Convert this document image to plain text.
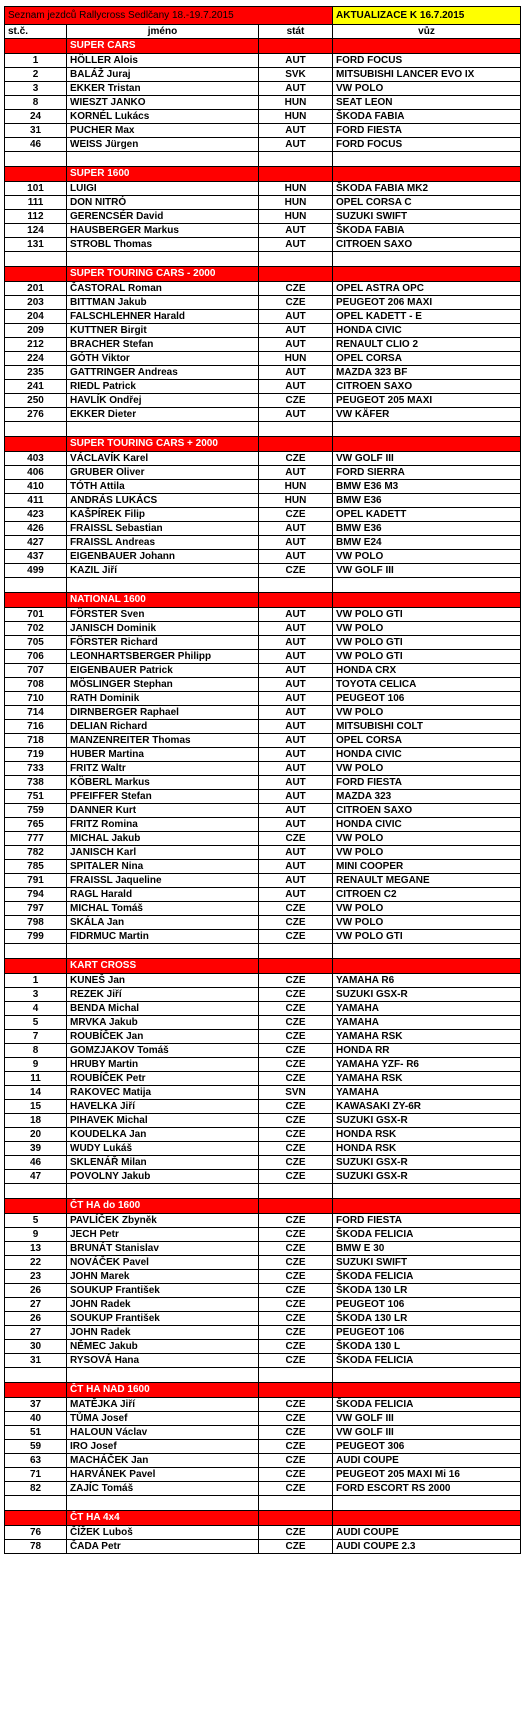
Seznam jezdců Rallycross Sedlčany 18.-19.7.2015			AKTUALIZACE K 16.7.2015
st.č.	jméno	stát	vůz
	SUPER CARS		
1	HÖLLER Alois	AUT	FORD FOCUS
2	BALÁŽ Juraj	SVK	MITSUBISHI LANCER EVO IX
3	EKKER Tristan	AUT	VW POLO
8	WIESZT JANKO	HUN	SEAT LEON
24	KORNÉL Lukács	HUN	ŠKODA FABIA
31	PUCHER Max	AUT	FORD FIESTA
46	WEISS Jürgen	AUT	FORD FOCUS

	SUPER 1600		
101	LUIGI	HUN	ŠKODA FABIA MK2
111	DON NITRÓ	HUN	OPEL CORSA C
112	GERENCSÉR David	HUN	SUZUKI SWIFT
124	HAUSBERGER Markus	AUT	ŠKODA FABIA
131	STROBL Thomas	AUT	CITROEN SAXO

	SUPER TOURING CARS - 2000		
201	ČASTORAL Roman	CZE	OPEL ASTRA OPC
203	BITTMAN Jakub	CZE	PEUGEOT 206 MAXI
204	FALSCHLEHNER Harald	AUT	OPEL KADETT - E
209	KUTTNER Birgit	AUT	HONDA CIVIC
212	BRACHER Stefan	AUT	RENAULT CLIO 2
224	GÓTH Viktor	HUN	OPEL CORSA
235	GATTRINGER Andreas	AUT	MAZDA 323 BF
241	RIEDL Patrick	AUT	CITROEN SAXO
250	HAVLÍK Ondřej	CZE	PEUGEOT 205 MAXI
276	EKKER Dieter	AUT	VW KÄFER

	SUPER TOURING CARS + 2000		
403	VÁCLAVÍK Karel	CZE	VW GOLF III
406	GRUBER Oliver	AUT	FORD SIERRA
410	TÓTH Attila	HUN	BMW E36 M3
411	ANDRÁS LUKÁCS	HUN	BMW E36
423	KAŠPÍREK Filip	CZE	OPEL KADETT
426	FRAISSL Sebastian	AUT	BMW E36
427	FRAISSL Andreas	AUT	BMW E24
437	EIGENBAUER Johann	AUT	VW POLO
499	KAZIL Jiří	CZE	VW GOLF III

	NATIONAL 1600		
701	FÖRSTER Sven	AUT	VW POLO GTI
702	JANISCH Dominik	AUT	VW POLO
705	FÖRSTER Richard	AUT	VW POLO GTI
706	LEONHARTSBERGER Philipp	AUT	VW POLO GTI
707	EIGENBAUER Patrick	AUT	HONDA CRX
708	MÖSLINGER Stephan	AUT	TOYOTA CELICA
710	RATH Dominik	AUT	PEUGEOT 106
714	DIRNBERGER Raphael	AUT	VW POLO
716	DELIAN Richard	AUT	MITSUBISHI COLT
718	MANZENREITER Thomas	AUT	OPEL CORSA
719	HUBER Martina	AUT	HONDA CIVIC
733	FRITZ Waltr	AUT	VW POLO
738	KÖBERL Markus	AUT	FORD FIESTA
751	PFEIFFER Stefan	AUT	MAZDA 323
759	DANNER Kurt	AUT	CITROEN SAXO
765	FRITZ Romina	AUT	HONDA CIVIC
777	MICHAL Jakub	CZE	VW POLO
782	JANISCH Karl	AUT	VW POLO
785	SPITALER Nina	AUT	MINI COOPER
791	FRAISSL Jaqueline	AUT	RENAULT MEGANE
794	RAGL Harald	AUT	CITROEN C2
797	MICHAL Tomáš	CZE	VW POLO
798	SKÁLA Jan	CZE	VW POLO
799	FIDRMUC Martin	CZE	VW POLO GTI

	KART CROSS		
1	KUNEŠ Jan	CZE	YAMAHA R6
3	REZEK Jiří	CZE	SUZUKI GSX-R
4	BENDA Michal	CZE	YAMAHA
5	MRVKA Jakub	CZE	YAMAHA
7	ROUBÍČEK Jan	CZE	YAMAHA RSK
8	GOMZJAKOV Tomáš	CZE	HONDA RR
9	HRUBY Martin	CZE	YAMAHA YZF- R6
11	ROUBÍČEK Petr	CZE	YAMAHA RSK
14	RAKOVEC Matija	SVN	YAMAHA
15	HAVELKA Jiří	CZE	KAWASAKI ZY-6R
18	PIHAVEK Michal	CZE	SUZUKI GSX-R
20	KOUDELKA Jan	CZE	HONDA RSK
39	WUDY Lukáš	CZE	HONDA RSK
46	SKLENÁŘ Milan	CZE	SUZUKI GSX-R
47	POVOLNY Jakub	CZE	SUZUKI GSX-R

	ČT HA do 1600		
5	PAVLÍČEK Zbyněk	CZE	FORD FIESTA
9	JECH Petr	CZE	ŠKODA FELICIA
13	BRUNÁT Stanislav	CZE	BMW E 30
22	NOVÁČEK Pavel	CZE	SUZUKI SWIFT
23	JOHN Marek	CZE	ŠKODA FELICIA
26	SOUKUP František	CZE	ŠKODA 130 LR
27	JOHN Radek	CZE	PEUGEOT 106
26	SOUKUP František	CZE	ŠKODA 130 LR
27	JOHN Radek	CZE	PEUGEOT 106
30	NĚMEC Jakub	CZE	ŠKODA 130 L
31	RYSOVÁ Hana	CZE	ŠKODA FELICIA

	ČT HA NAD 1600		
37	MATĚJKA Jiří	CZE	ŠKODA FELICIA
40	TŮMA Josef	CZE	VW GOLF III
51	HALOUN Václav	CZE	VW GOLF III
59	IRO Josef	CZE	PEUGEOT 306
63	MACHÁČEK Jan	CZE	AUDI COUPE
71	HARVÁNEK Pavel	CZE	PEUGEOT 205 MAXI Mi 16
82	ZAJÍC Tomáš	CZE	FORD ESCORT RS 2000

	ČT HA 4x4		
76	ČÍŽEK Luboš	CZE	AUDI COUPE
78	ČADA Petr	CZE	AUDI COUPE 2.3
